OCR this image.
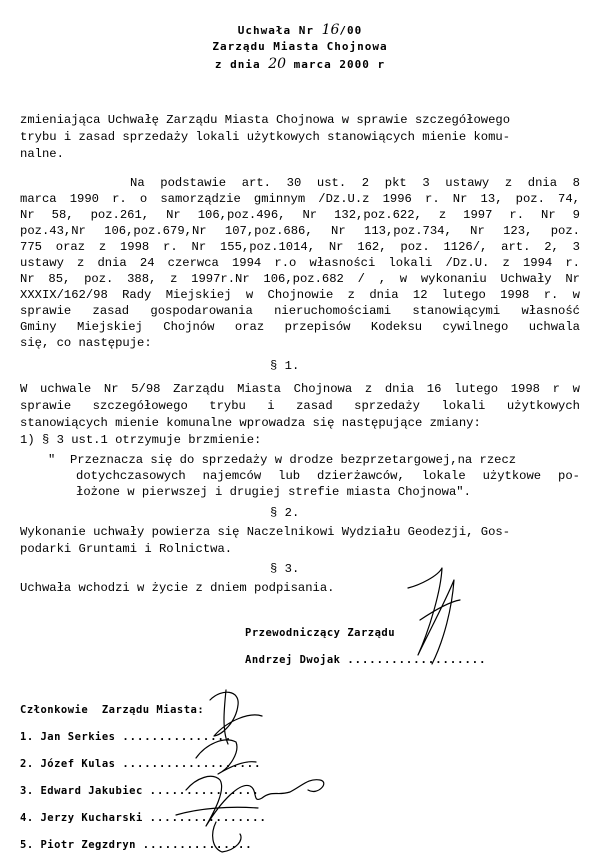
Uchwała Nr 16/00
Zarządu Miasta Chojnowa
z dnia 20 marca 2000 r
zmieniająca Uchwałę Zarządu Miasta Chojnowa w sprawie szczegółowego
trybu i zasad sprzedaży lokali użytkowych stanowiących mienie komu-
nalne.
Na podstawie art. 30 ust. 2 pkt 3 ustawy z dnia 8
marca 1990 r. o samorządzie gminnym /Dz.U.z 1996 r. Nr 13, poz. 74,
Nr 58, poz.261, Nr 106,poz.496, Nr 132,poz.622, z 1997 r. Nr 9
poz.43,Nr 106,poz.679,Nr 107,poz.686, Nr 113,poz.734, Nr 123, poz.
775 oraz z 1998 r. Nr 155,poz.1014, Nr 162, poz. 1126/, art. 2, 3
ustawy z dnia 24 czerwca 1994 r.o własności lokali /Dz.U. z 1994 r.
Nr 85, poz. 388, z 1997r.Nr 106,poz.682 / , w wykonaniu Uchwały Nr
XXXIX/162/98 Rady Miejskiej w Chojnowie z dnia 12 lutego 1998 r. w
sprawie zasad gospodarowania nieruchomościami stanowiącymi własność
Gminy Miejskiej Chojnów oraz przepisów Kodeksu cywilnego uchwala
się, co następuje:
§ 1.
W uchwale Nr 5/98 Zarządu Miasta Chojnowa z dnia 16 lutego 1998 r w
sprawie szczegółowego trybu i zasad sprzedaży lokali użytkowych
stanowiących mienie komunalne wprowadza się następujące zmiany:
1) § 3 ust.1 otrzymuje brzmienie:
"  Przeznacza się do sprzedaży w drodze bezprzetargowej,na rzecz
dotychczasowych najemców lub dzierżawców, lokale użytkowe po-
łożone w pierwszej i drugiej strefie miasta Chojnowa".
§ 2.
Wykonanie uchwały powierza się Naczelnikowi Wydziału Geodezji, Gos-
podarki Gruntami i Rolnictwa.
§ 3.
Uchwała wchodzi w życie z dniem podpisania.
Przewodniczący Zarządu
Andrzej Dwojak ...................
Członkowie  Zarządu Miasta:
1. Jan Serkies ...............
2. Józef Kulas ...................
3. Edward Jakubiec ...............
4. Jerzy Kucharski ................
5. Piotr Zegzdryn ...............
